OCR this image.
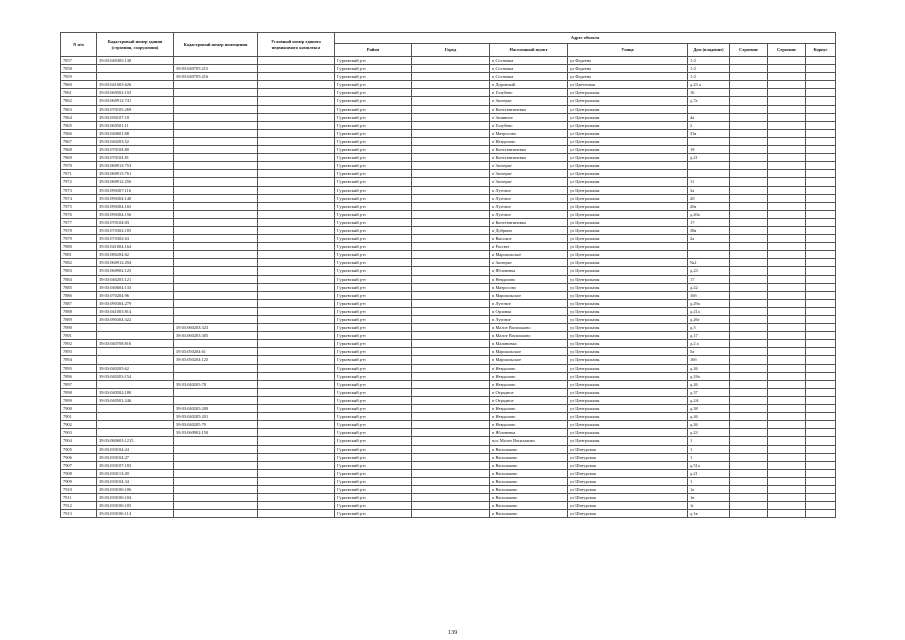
N п/п	Кадастровый номер здания (строения, сооружения)	Кадастровый номер помещения	Условный номер единого недвижимого комплекса	Адрес объекта							
				Район	Город	Населенный пункт	Улица	Дом (владение)	Строение	Строение	Корпус
7857	39:03:040305:138			Гурьевский р-н		п Сосновка	ул Фадеева	1-2			
7858		39:03:040705:215		Гурьевский р-н		п Сосновка	ул Фадеева	1-2			
7859		39:03:040705:216		Гурьевский р-н		п Сосновка	ул Фадеева	1-2			
7860	39:03:041003:626			Гурьевский р-н		п Доронный	ул Цветочная	д.23 а			
7861	39:03:060502:103			Гурьевский р-н		п Голубево	ул Центральная	16			
7862	39:03:060912:741			Гурьевский р-н		п Заозерье	ул Центральная	д.7а			
7863	39:03:070105:269			Гурьевский р-н		п Константиновка	ул Центральная				
7864	39:03:050107:18			Гурьевский р-н		п Заливное	ул Центральная	4а			
7865	39:03:060501:11			Гурьевский р-н		п Голубево	ул Центральная	2			
7866	39:03:040601:88			Гурьевский р-н		п Матросово	ул Центральная	33а			
7867	39:03:040203:52			Гурьевский р-н		п Невдалово	ул Центральная				
7868	39:03:070104:80			Гурьевский р-н		п Константиновка	ул Центральная	19			
7869	39:03:070104:81			Гурьевский р-н		п Константиновка	ул Центральная	д.21			
7870	39:03:060913:753			Гурьевский р-н		п Заозерье	ул Центральная				
7871	39:03:060913:761			Гурьевский р-н		п Заозерье	ул Центральная				
7872	39:03:060912:256			Гурьевский р-н		п Заозерье	ул Центральная	11			
7873	39:03:090307:116			Гурьевский р-н		п Лутовое	ул Центральная	3а			
7874	39:03:090304:140			Гурьевский р-н		п Лутовое	ул Центральная	20			
7875	39:03:090304:165			Гурьевский р-н		п Лутовое	ул Центральная	20а			
7876	39:03:090304:156			Гурьевский р-н		п Лутовое	ул Центральная	д.20а			
7877	39:03:070104:83			Гурьевский р-н		п Константиновка	ул Центральная	17			
7878	39:03:070302:185			Гурьевский р-н		п Добрино	ул Центральная	38а			
7879	39:03:070302:63			Гурьевский р-н		п Высокое	ул Центральная	2а			
7880	39:03:041004:164			Гурьевский р-н		п Рассвет	ул Центральная				
7881	39:03:080204:62			Гурьевский р-н		п Маршальское	ул Центральная				
7882	39:03:060912:294			Гурьевский р-н		п Заозерье	ул Центральная	№2			
7883	39:03:060902:125			Гурьевский р-н		п Яблоневка	ул Центральная	д.23			
7884	39:03:040203:121			Гурьевский р-н		п Невдалово	ул Центральная	17			
7885	39:03:040604:133			Гурьевский р-н		п Матросово	ул Центральная	д.22			
7886	39:03:070204:96			Гурьевский р-н		п Маршальское	ул Центральная	16б			
7887	39:03:090304:279			Гурьевский р-н		п Лутовое	ул Центральная	д.29а			
7888	39:03:041003:814			Гурьевский р-н		п Орловка	ул Центральная	д.21а			
7889	39:03:090304:322			Гурьевский р-н		п Лутовое	ул Центральная	д.26г			
7890		39:03:060203:323		Гурьевский р-н		п Малое Васильково	ул Центральная	д.3			
7891		39:03:060203:305		Гурьевский р-н		п Малое Васильково	ул Центральная	д.17			
7892	39:03:040708:816			Гурьевский р-н		п Малиновка	ул Центральная	д.2 а			
7893		39:03:050204:61		Гурьевский р-н		п Маршальское	ул Центральная	5а			
7894		39:03:050204:125		Гурьевский р-н		п Маршальское	ул Центральная	16б			
7895	39:03:040205:62			Гурьевский р-н		п Невдалово	ул Центральная	д.26			
7896	39:03:040203:154			Гурьевский р-н		п Невдалово	ул Центральная	д.18а			
7897		39:03:040205:78		Гурьевский р-н		п Невдалово	ул Центральная	д.26			
7898	39:03:040502:180			Гурьевский р-н		п Отрадное	ул Центральная	д.37			
7899	39:03:040501:246			Гурьевский р-н		п Отрадное	ул Центральная	д.2А			
7900		39:03:040205:200		Гурьевский р-н		п Невдалово	ул Центральная	д.38			
7901		39:03:040205:201		Гурьевский р-н		п Невдалово	ул Центральная	д.26			
7902		39:03:040205:79		Гурьевский р-н		п Невдалово	ул Центральная	д.26			
7903		39:03:060902:150		Гурьевский р-н		п Яблоневка	ул Центральная	д.23			
7904	39:03:060603:1215			Гурьевский р-н		пос Малое Васильково	ул Центральная	1			
7905	39:03:030104:24			Гурьевский р-н		п Васильково	ул Шатурская	1			
7906	39:03:030104:27			Гурьевский р-н		п Васильково	ул Шатурская	1			
7907	39:03:030107:183			Гурьевский р-н		п Васильково	ул Шатурская	д.51а			
7908	39:03:030113:49			Гурьевский р-н		п Васильково	ул Шатурская	д.21			
7909	39:03:030104:34			Гурьевский р-н		п Васильково	ул Шатурская	1			
7910	39:03:030106:106			Гурьевский р-н		п Васильково	ул Шатурская	1а			
7911	39:03:030106:104			Гурьевский р-н		п Васильково	ул Шатурская	1в			
7912	39:03:030106:105			Гурьевский р-н		п Васильково	ул Шатурская	1г			
7913	39:03:030106:114			Гурьевский р-н		п Васильково	ул Шатурская	д.1в			
139
